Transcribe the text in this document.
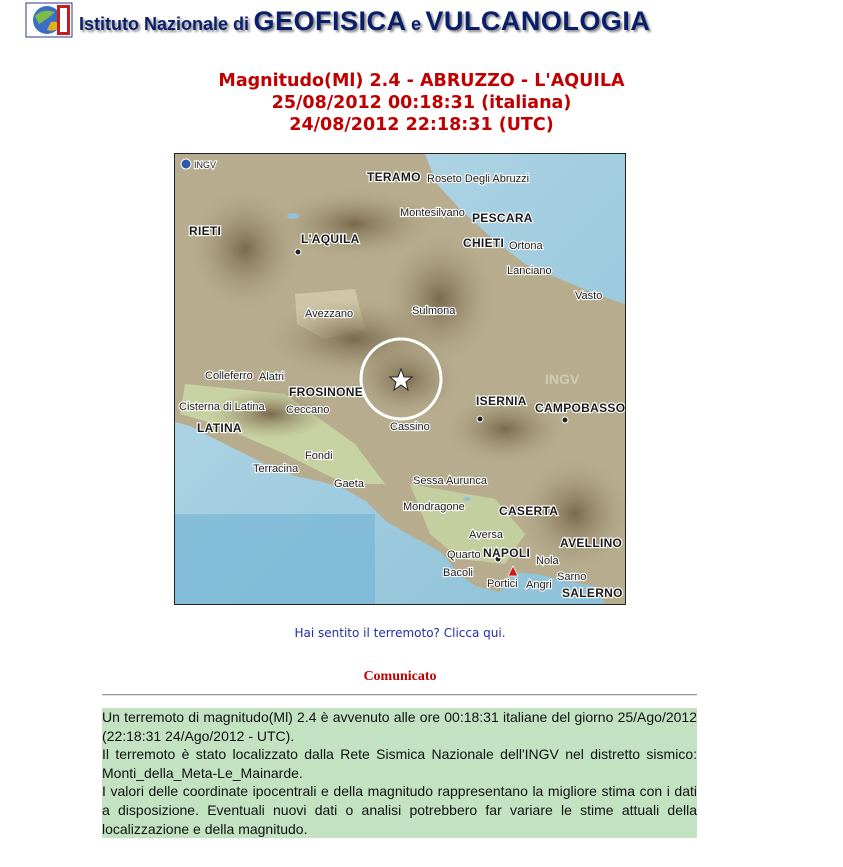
Istituto Nazionale di GEOFISICA e VULCANOLOGIA
Magnitudo(Ml) 2.4 - ABRUZZO - L'AQUILA
25/08/2012 00:18:31 (italiana)
24/08/2012 22:18:31 (UTC)
INGV
INGV
TERAMO Roseto Degli Abruzzi
Montesilvano PESCARA
RIETI
L'AQUILA	CHIETI Ortona
Lanciano
Vasto
Avezzano	Sulmona
Colleferro Alatri
FROSINONE
Cisterna di Latina Ceccano
ISERNIA CAMPOBASSO
LATINA	Cassino
Fondi
Terracina
Gaeta	Sessa Aurunca
Mondragone	CASERTA
Aversa
AVELLINO
Quarto NAPOLI
Nola
Bacoli
Portici Angri
Sarno
SALERNO
Hai sentito il terremoto? Clicca qui.
Comunicato

Un terremoto di magnitudo(Ml) 2.4 è avvenuto alle ore 00:18:31 italiane del giorno 25/Ago/2012 (22:18:31 24/Ago/2012 - UTC).

Il terremoto è stato localizzato dalla Rete Sismica Nazionale dell'INGV nel distretto sismico: Monti_della_Meta-Le_Mainarde.

I valori delle coordinate ipocentrali e della magnitudo rappresentano la migliore stima con i dati a disposizione. Eventuali nuovi dati o analisi potrebbero far variare le stime attuali della localizzazione e della magnitudo.
